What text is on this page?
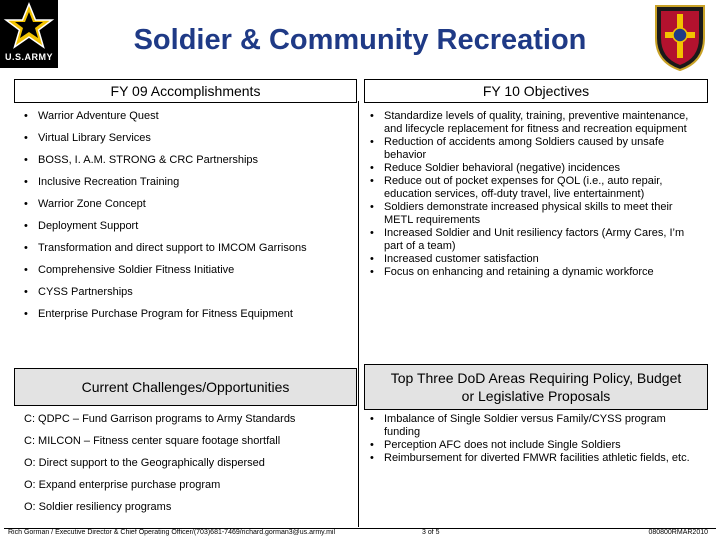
U.S.ARMY
Soldier & Community Recreation
FY 09 Accomplishments	FY 10 Objectives
• Warrior Adventure Quest
• Virtual Library Services
• BOSS, I. A.M. STRONG & CRC Partnerships
• Inclusive Recreation Training
• Warrior Zone Concept
• Deployment Support
• Transformation and direct support to IMCOM Garrisons
• Comprehensive Soldier Fitness Initiative
• CYSS Partnerships
• Enterprise Purchase Program for Fitness Equipment
• Standardize levels of quality, training, preventive maintenance, and lifecycle replacement for fitness and recreation equipment
• Reduction of accidents among Soldiers caused by unsafe behavior
• Reduce Soldier behavioral (negative) incidences
• Reduce out of pocket expenses for QOL (i.e., auto repair, education services, off-duty travel, live entertainment)
• Soldiers demonstrate increased physical skills to meet their METL requirements
• Increased Soldier and Unit resiliency factors (Army Cares, I’m part of a team)
• Increased customer satisfaction
• Focus on enhancing and retaining a dynamic workforce
Current Challenges/Opportunities
Top Three DoD Areas Requiring Policy, Budget or Legislative Proposals
C: QDPC – Fund Garrison programs to Army Standards
C: MILCON – Fitness center square footage shortfall
O: Direct support to the Geographically dispersed
O: Expand enterprise purchase program
O: Soldier resiliency programs
• Imbalance of Single Soldier versus Family/CYSS program funding
• Perception AFC does not include Single Soldiers
• Reimbursement for diverted FMWR facilities athletic fields, etc.
Rich Gorman / Executive Director & Chief Operating Officer/(703)681-7469/richard.gorman3@us.army.mil	3 of 5	080800RMAR2010
